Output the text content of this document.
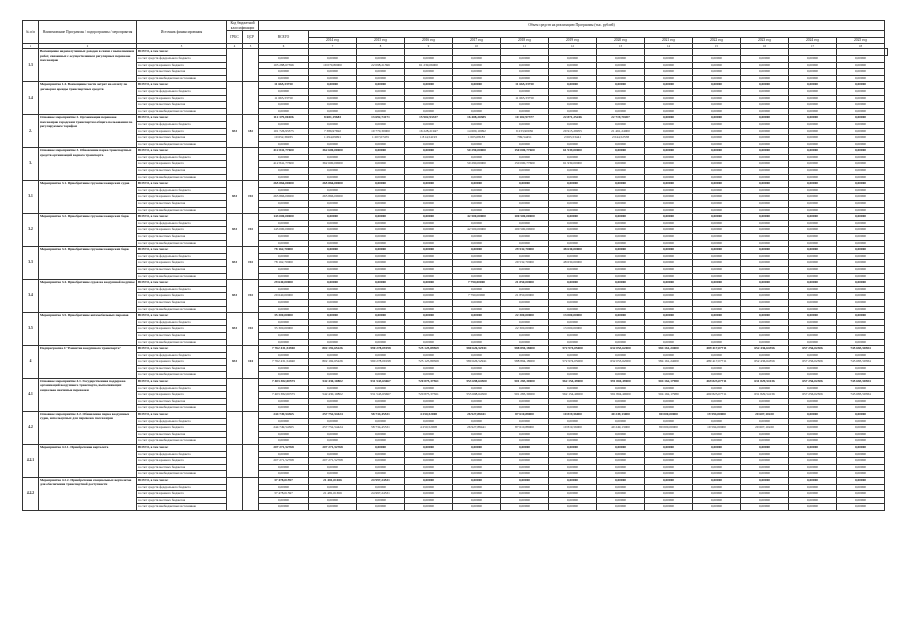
№ п/п	Наименование Программы / подпрограммы / мероприятия	Источник финансирования	Код бюджетной классификации		Объем средств на реализацию Программы (тыс. рублей)													
			ГРБС	ЦСР	ВСЕГО													
						2014 год	2015 год	2016 год	2017 год	2018 год	2019 год	2020 год	2021 год	2022 год	2023 год	2024 год	2025 год	
1	2	3	4	5	6	7	8	9	10	11	12	13	14	15	16	17	18	
1.3	Возмещение недополученных доходов в связи с выполнением работ, связанных с осуществлением регулярных перевозок пассажиров	ВСЕГО, в том числе:																
		за счет средств федерального бюджета			0,00000	0,00000	0,00000	0,00000	0,00000	0,00000	0,00000	0,00000	0,00000	0,00000	0,00000	0,00000	0,00000	
		за счет средств краевого бюджета			103 288,67396	19 070,80000	22 098,21396	61 239,06000	0,00000	0,00000	0,00000	0,00000	0,00000	0,00000	0,00000	0,00000	0,00000	
		за счет средств местных бюджетов			0,00000	0,00000	0,00000	0,00000	0,00000	0,00000	0,00000	0,00000	0,00000	0,00000	0,00000	0,00000	0,00000	
		за счет средств внебюджетных источников			0,00000	0,00000	0,00000	0,00000	0,00000	0,00000	0,00000	0,00000	0,00000	0,00000	0,00000	0,00000	0,00000	
1.4	Мероприятие 1.4. Возмещение части затрат на оплату по договорам аренды транспортных средств	ВСЕГО, в том числе:			11 665,33750	0,00000	0,00000	0,00000	0,00000	11 665,33750	0,00000	0,00000	0,00000	0,00000	0,00000	0,00000	0,00000	
		за счет средств федерального бюджета			0,00000	0,00000	0,00000	0,00000	0,00000	0,00000	0,00000	0,00000	0,00000	0,00000	0,00000	0,00000	0,00000	
		за счет средств краевого бюджета			11 665,33750	0,00000	0,00000	0,00000	0,00000	11 665,33750	0,00000	0,00000	0,00000	0,00000	0,00000	0,00000	0,00000	
		за счет средств местных бюджетов			0,00000	0,00000	0,00000	0,00000	0,00000	0,00000	0,00000	0,00000	0,00000	0,00000	0,00000	0,00000	0,00000	
		за счет средств внебюджетных источников			0,00000	0,00000	0,00000	0,00000	0,00000	0,00000	0,00000	0,00000	0,00000	0,00000	0,00000	0,00000	0,00000	
2.	Основное мероприятие 2. Организация перевозок пассажиров городским транспортом общего пользования по регулируемым тарифам	ВСЕГО, в том числе:	833	182	112 379,00406	8 681,19683	13 692,74171	15 902,93337	16 408,20385	10 102,97377	22 871,25246	22 719,70207	0,00000	0,00000	0,00000	0,00000	0,00000	
		за счет средств федерального бюджета			0,00000	0,00000	0,00000	0,00000	0,00000	0,00000	0,00000	0,00000	0,00000	0,00000	0,00000	0,00000	0,00000	
		за счет средств краевого бюджета			101 726,93375	7 386,97692	10 770,30000	16 228,21947	14 600,10092	9 233,90036	20 915,29955	21 461,24000	0,00000	0,00000	0,00000	0,00000	0,00000	
		за счет средств местных бюджетов			10 652,36935	1 294,09991	1 207,07455	1 814,54193	1 005,08183	799,54451	2 065,53441	2 044,52558	0,00000	0,00000	0,00000	0,00000	0,00000	
		за счет средств внебюджетных источников			0,00000	0,00000	0,00000	0,00000	0,00000	0,00000	0,00000	0,00000	0,00000	0,00000	0,00000	0,00000	0,00000	
3.	Основное мероприятие 3. Обновление парка транспортных средств организаций водного транспорта	ВСЕГО, в том числе:			412 841,77600	362 600,00000	0,00000	0,00000	50 290,00000	150 000,77600	61 939,00000	0,00000	0,00000	0,00000	0,00000	0,00000	0,00000	
		за счет средств федерального бюджета			0,00000	0,00000	0,00000	0,00000	0,00000	0,00000	0,00000	0,00000	0,00000	0,00000	0,00000	0,00000	0,00000	
		за счет средств краевого бюджета			412 841,77600	362 600,00000	0,00000	0,00000	50 290,00000	150 000,77600	61 939,00000	0,00000	0,00000	0,00000	0,00000	0,00000	0,00000	
		за счет средств местных бюджетов			0,00000	0,00000	0,00000	0,00000	0,00000	0,00000	0,00000	0,00000	0,00000	0,00000	0,00000	0,00000	0,00000	
		за счет средств внебюджетных источников			0,00000	0,00000	0,00000	0,00000	0,00000	0,00000	0,00000	0,00000	0,00000	0,00000	0,00000	0,00000	0,00000	
3.1	Мероприятие 3.1. Приобретение грузопассажирских судов	ВСЕГО, в том числе:	833	192	265 866,00000	265 866,00000	0,00000	0,00000	0,00000	0,00000	0,00000	0,00000	0,00000	0,00000	0,00000	0,00000	0,00000	
		за счет средств федерального бюджета			0,00000	0,00000	0,00000	0,00000	0,00000	0,00000	0,00000	0,00000	0,00000	0,00000	0,00000	0,00000	0,00000	
		за счет средств краевого бюджета			265 866,00000	265 866,00000	0,00000	0,00000	0,00000	0,00000	0,00000	0,00000	0,00000	0,00000	0,00000	0,00000	0,00000	
		за счет средств местных бюджетов			0,00000	0,00000	0,00000	0,00000	0,00000	0,00000	0,00000	0,00000	0,00000	0,00000	0,00000	0,00000	0,00000	
		за счет средств внебюджетных источников			0,00000	0,00000	0,00000	0,00000	0,00000	0,00000	0,00000	0,00000	0,00000	0,00000	0,00000	0,00000	0,00000	
3.2	Мероприятие 3.2. Приобретение грузопассажирских барж	ВСЕГО, в том числе:	833	192	143 000,00000	0,00000	0,00000	0,00000	42 500,00000	100 500,00000	0,00000	0,00000	0,00000	0,00000	0,00000	0,00000	0,00000	
		за счет средств федерального бюджета			0,00000	0,00000	0,00000	0,00000	0,00000	0,00000	0,00000	0,00000	0,00000	0,00000	0,00000	0,00000	0,00000	
		за счет средств краевого бюджета			143 000,00000	0,00000	0,00000	0,00000	42 500,00000	100 500,00000	0,00000	0,00000	0,00000	0,00000	0,00000	0,00000	0,00000	
		за счет средств местных бюджетов			0,00000	0,00000	0,00000	0,00000	0,00000	0,00000	0,00000	0,00000	0,00000	0,00000	0,00000	0,00000	0,00000	
		за счет средств внебюджетных источников			0,00000	0,00000	0,00000	0,00000	0,00000	0,00000	0,00000	0,00000	0,00000	0,00000	0,00000	0,00000	0,00000	
3.3	Мероприятие 3.3. Приобретение грузопассажирских барж	ВСЕГО, в том числе:	833	192	78 162,70000	0,00000	0,00000	0,00000	0,00000	29 532,70000	48 630,00000	0,00000	0,00000	0,00000	0,00000	0,00000	0,00000	
		за счет средств федерального бюджета			0,00000	0,00000	0,00000	0,00000	0,00000	0,00000	0,00000	0,00000	0,00000	0,00000	0,00000	0,00000	0,00000	
		за счет средств краевого бюджета			78 162,70000	0,00000	0,00000	0,00000	0,00000	29 532,70000	48 630,00000	0,00000	0,00000	0,00000	0,00000	0,00000	0,00000	
		за счет средств местных бюджетов			0,00000	0,00000	0,00000	0,00000	0,00000	0,00000	0,00000	0,00000	0,00000	0,00000	0,00000	0,00000	0,00000	
		за счет средств внебюджетных источников			0,00000	0,00000	0,00000	0,00000	0,00000	0,00000	0,00000	0,00000	0,00000	0,00000	0,00000	0,00000	0,00000	
3.4	Мероприятие 3.4. Приобретение судов на воздушной подушке	ВСЕГО, в том числе:	833	192	29 640,00000	0,00000	0,00000	0,00000	7 790,00000	21 850,00000	0,00000	0,00000	0,00000	0,00000	0,00000	0,00000	0,00000	
		за счет средств федерального бюджета			0,00000	0,00000	0,00000	0,00000	0,00000	0,00000	0,00000	0,00000	0,00000	0,00000	0,00000	0,00000	0,00000	
		за счет средств краевого бюджета			29 640,00000	0,00000	0,00000	0,00000	7 790,00000	21 850,00000	0,00000	0,00000	0,00000	0,00000	0,00000	0,00000	0,00000	
		за счет средств местных бюджетов			0,00000	0,00000	0,00000	0,00000	0,00000	0,00000	0,00000	0,00000	0,00000	0,00000	0,00000	0,00000	0,00000	
		за счет средств внебюджетных источников			0,00000	0,00000	0,00000	0,00000	0,00000	0,00000	0,00000	0,00000	0,00000	0,00000	0,00000	0,00000	0,00000	
3.5	Мероприятие 3.5. Приобретение автомобильных паромов	ВСЕГО, в том числе:	833	192	35 300,00000	0,00000	0,00000	0,00000	0,00000	22 300,00000	13 000,00000	0,00000	0,00000	0,00000	0,00000	0,00000	0,00000	
		за счет средств федерального бюджета			0,00000	0,00000	0,00000	0,00000	0,00000	0,00000	0,00000	0,00000	0,00000	0,00000	0,00000	0,00000	0,00000	
		за счет средств краевого бюджета			35 300,00000	0,00000	0,00000	0,00000	0,00000	22 300,00000	13 000,00000	0,00000	0,00000	0,00000	0,00000	0,00000	0,00000	
		за счет средств местных бюджетов			0,00000	0,00000	0,00000	0,00000	0,00000	0,00000	0,00000	0,00000	0,00000	0,00000	0,00000	0,00000	0,00000	
		за счет средств внебюджетных источников			0,00000	0,00000	0,00000	0,00000	0,00000	0,00000	0,00000	0,00000	0,00000	0,00000	0,00000	0,00000	0,00000	
4	Подпрограмма 4 "Развитие воздушного транспорта"	ВСЕГО, в том числе:	833	104	7 762 431,54940	802 192,65226	590 278,09198	725 125,89569	580 626,52941	588 894,18000	572 974,05000	632 053,62000	584 161,24000	489 417,07711	652 436,64356	657 256,02306	745 683,50584	
		за счет средств федерального бюджета			0,00000	0,00000	0,00000	0,00000	0,00000	0,00000	0,00000	0,00000	0,00000	0,00000	0,00000	0,00000	0,00000	
		за счет средств краевого бюджета			7 762 431,54940	802 192,65226	590 278,09198	725 125,89569	580 626,52941	588 894,18000	572 974,05000	632 053,62000	584 161,24000	489 417,07711	652 436,64356	657 256,02306	745 683,50584	
		за счет средств местных бюджетов			0,00000	0,00000	0,00000	0,00000	0,00000	0,00000	0,00000	0,00000	0,00000	0,00000	0,00000	0,00000	0,00000	
		за счет средств внебюджетных источников			0,00000	0,00000	0,00000	0,00000	0,00000	0,00000	0,00000	0,00000	0,00000	0,00000	0,00000	0,00000	0,00000	
4.1	Основное мероприятие 4.1. Государственная поддержка организаций воздушного транспорта, выполняющих социально значимые перевозки	ВСЕГО, в том числе:			7 403 382,00575	542 430,10802	531 543,63667	720 875,37561	553 698,64500	501 283,30000	562 154,49000	591 804,49000	504 162,17980	469 823,07711	631 829,54136	657 256,02306	745 683,50584	
		за счет средств федерального бюджета			0,00000	0,00000	0,00000	0,00000	0,00000	0,00000	0,00000	0,00000	0,00000	0,00000	0,00000	0,00000	0,00000	
		за счет средств краевого бюджета			7 403 382,00575	542 430,10802	531 543,63667	720 875,37561	553 698,64500	501 283,30000	562 154,49000	591 804,49000	504 162,17980	469 823,07711	631 829,54136	657 256,02306	745 683,50584	
		за счет средств местных бюджетов			0,00000	0,00000	0,00000	0,00000	0,00000	0,00000	0,00000	0,00000	0,00000	0,00000	0,00000	0,00000	0,00000	
		за счет средств внебюджетных источников			0,00000	0,00000	0,00000	0,00000	0,00000	0,00000	0,00000	0,00000	0,00000	0,00000	0,00000	0,00000	0,00000	
4.2	Основное мероприятие 4.2. Обновление парка воздушных судов, используемых для перевозок пассажиров	ВСЕГО, в том числе:			244 749,54365	257 752,54424	58 734,45531	4 250,52008	26 927,88441	87 610,88000	10 819,56000	40 249,13000	80 000,00000	19 594,00000	20 607,10220	0,00000	0,00000	
		за счет средств федерального бюджета			0,00000	0,00000	0,00000	0,00000	0,00000	0,00000	0,00000	0,00000	0,00000	0,00000	0,00000	0,00000	0,00000	
		за счет средств краевого бюджета			244 749,54365	257 752,54424	58 734,45531	4 250,52008	26 927,88441	87 610,88000	10 819,56000	40 249,13000	80 000,00000	19 594,00000	20 607,10220	0,00000	0,00000	
		за счет средств местных бюджетов			0,00000	0,00000	0,00000	0,00000	0,00000	0,00000	0,00000	0,00000	0,00000	0,00000	0,00000	0,00000	0,00000	
		за счет средств внебюджетных источников			0,00000	0,00000	0,00000	0,00000	0,00000	0,00000	0,00000	0,00000	0,00000	0,00000	0,00000	0,00000	0,00000	
4.2.1	Мероприятие 4.2.1. Приобретение вертолета	ВСЕГО, в том числе:			207 271,52768	207 271,52768	0,00000	0,00000	0,00000	0,00000	0,00000	0,00000	0,00000	0,00000	0,00000	0,00000	0,00000	
		за счет средств федерального бюджета			0,00000	0,00000	0,00000	0,00000	0,00000	0,00000	0,00000	0,00000	0,00000	0,00000	0,00000	0,00000	0,00000	
		за счет средств краевого бюджета			207 271,52768	207 271,52768	0,00000	0,00000	0,00000	0,00000	0,00000	0,00000	0,00000	0,00000	0,00000	0,00000	0,00000	
		за счет средств местных бюджетов			0,00000	0,00000	0,00000	0,00000	0,00000	0,00000	0,00000	0,00000	0,00000	0,00000	0,00000	0,00000	0,00000	
		за счет средств внебюджетных источников			0,00000	0,00000	0,00000	0,00000	0,00000	0,00000	0,00000	0,00000	0,00000	0,00000	0,00000	0,00000	0,00000	
4.2.2	Мероприятие 4.2.2. Приобретение специальных вертолетов для обеспечения транспортной доступности	ВСЕГО, в том числе:			37 478,01597	21 481,01656	24 997,24531	0,00000	0,00000	0,00000	0,00000	0,00000	0,00000	0,00000	0,00000	0,00000	0,00000	
		за счет средств федерального бюджета			0,00000	0,00000	0,00000	0,00000	0,00000	0,00000	0,00000	0,00000	0,00000	0,00000	0,00000	0,00000	0,00000	
		за счет средств краевого бюджета			37 478,01597	21 481,01656	24 997,24531	0,00000	0,00000	0,00000	0,00000	0,00000	0,00000	0,00000	0,00000	0,00000	0,00000	
		за счет средств местных бюджетов			0,00000	0,00000	0,00000	0,00000	0,00000	0,00000	0,00000	0,00000	0,00000	0,00000	0,00000	0,00000	0,00000	
		за счет средств внебюджетных источников			0,00000	0,00000	0,00000	0,00000	0,00000	0,00000	0,00000	0,00000	0,00000	0,00000	0,00000	0,00000	0,00000	
